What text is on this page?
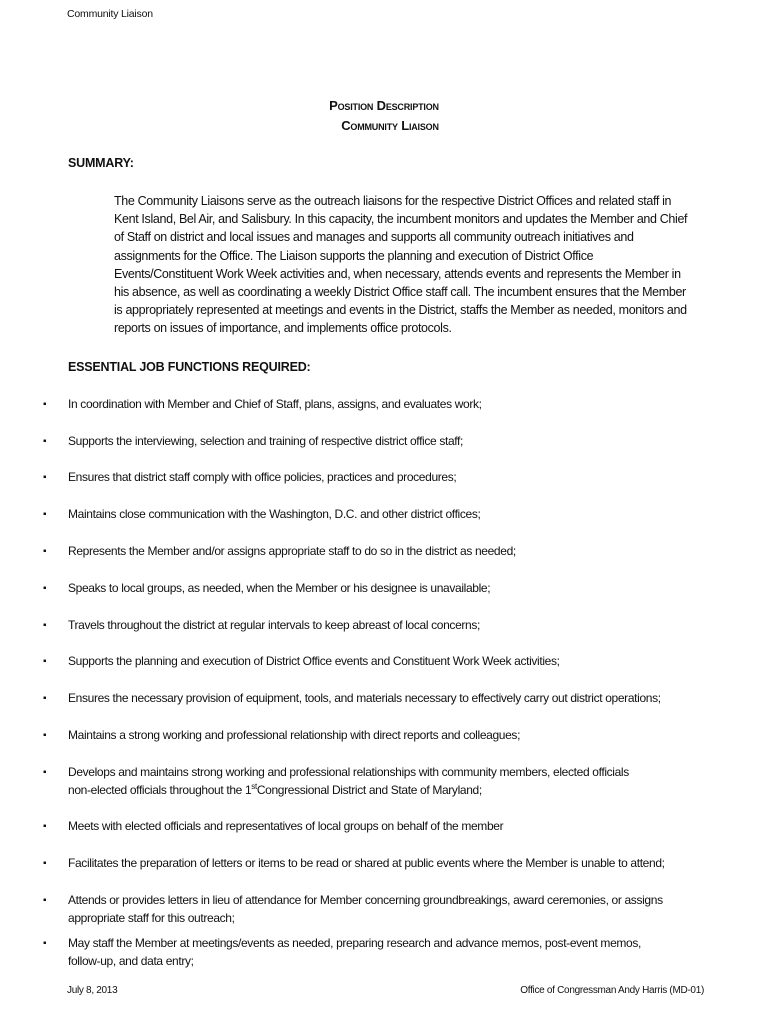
Community Liaison
Position Description
Community Liaison
SUMMARY:

The Community Liaisons serve as the outreach liaisons for the respective District Offices and related staff in Kent Island, Bel Air, and Salisbury. In this capacity, the incumbent monitors and updates the Member and Chief of Staff on district and local issues and manages and supports all community outreach initiatives and assignments for the Office. The Liaison supports the planning and execution of District Office Events/Constituent Work Week activities and, when necessary, attends events and represents the Member in his absence, as well as coordinating a weekly District Office staff call. The incumbent ensures that the Member is appropriately represented at meetings and events in the District, staffs the Member as needed, monitors and reports on issues of importance, and implements office protocols.

ESSENTIAL JOB FUNCTIONS REQUIRED:
▪ In coordination with Member and Chief of Staff, plans, assigns, and evaluates work;
▪ Supports the interviewing, selection and training of respective district office staff;
▪ Ensures that district staff comply with office policies, practices and procedures;
▪ Maintains close communication with the Washington, D.C. and other district offices;
▪ Represents the Member and/or assigns appropriate staff to do so in the district as needed;
▪ Speaks to local groups, as needed, when the Member or his designee is unavailable;
▪ Travels throughout the district at regular intervals to keep abreast of local concerns;
▪ Supports the planning and execution of District Office events and Constituent Work Week activities;
▪ Ensures the necessary provision of equipment, tools, and materials necessary to effectively carry out district operations;
▪ Maintains a strong working and professional relationship with direct reports and colleagues;
▪ Develops and maintains strong working and professional relationships with community members, elected officials
non-elected officials throughout the 1stCongressional District and State of Maryland;
▪ Meets with elected officials and representatives of local groups on behalf of the member
▪ Facilitates the preparation of letters or items to be read or shared at public events where the Member is unable to attend;
▪ Attends or provides letters in lieu of attendance for Member concerning groundbreakings, award ceremonies, or assigns
appropriate staff for this outreach;
▪ May staff the Member at meetings/events as needed, preparing research and advance memos, post-event memos,
follow-up, and data entry;
July 8, 2013	Office of Congressman Andy Harris (MD-01)
